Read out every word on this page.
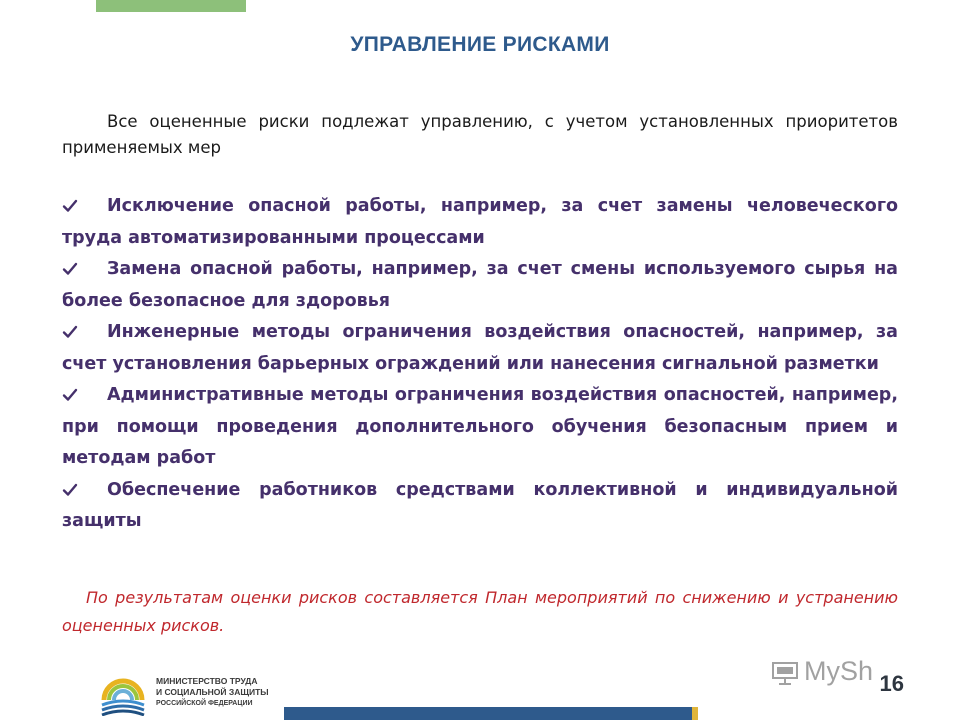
УПРАВЛЕНИЕ РИСКАМИ
Все оцененные риски подлежат управлению, с учетом установленных приоритетов применяемых мер
Исключение опасной работы, например, за счет замены человеческого труда автоматизированными процессами
Замена опасной работы, например, за счет смены используемого сырья на более безопасное для здоровья
Инженерные методы ограничения воздействия опасностей, например, за счет установления барьерных ограждений или нанесения сигнальной разметки
Административные методы ограничения воздействия опасностей, например, при помощи проведения дополнительного обучения безопасным прием и методам работ
Обеспечение работников средствами коллективной и индивидуальной защиты
По результатам оценки рисков составляется План мероприятий по снижению и устранению оцененных рисков.
МИНИСТЕРСТВО ТРУДА
И СОЦИАЛЬНОЙ ЗАЩИТЫ
РОССИЙСКОЙ ФЕДЕРАЦИИ
MySh 16
